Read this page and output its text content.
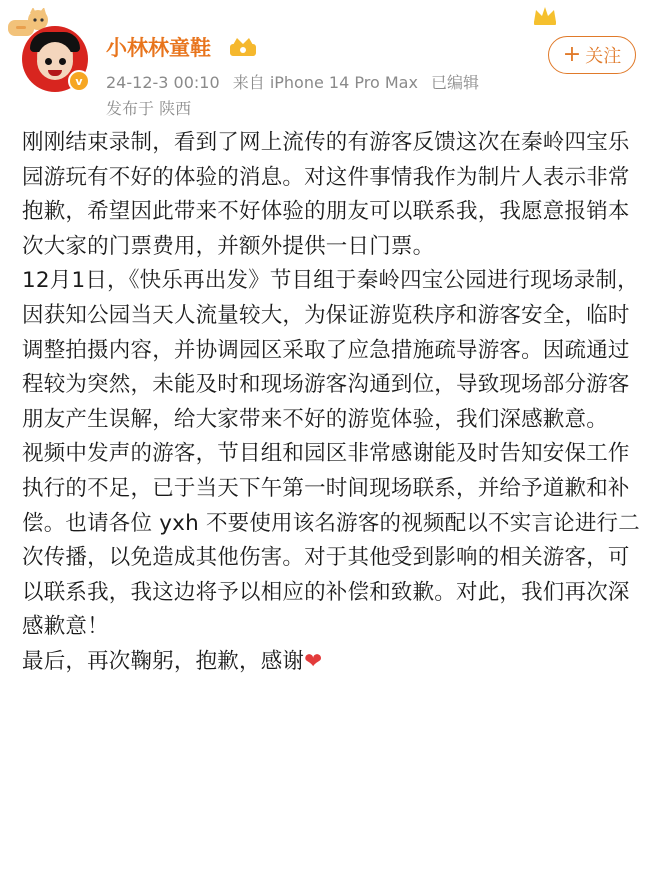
v
小林林童鞋
24-12-3 00:10 来自 iPhone 14 Pro Max 已编辑
发布于 陕西
+ 关注

刚刚结束录制，看到了网上流传的有游客反馈这次在秦岭四宝乐园游玩有不好的体验的消息。对这件事情我作为制片人表示非常抱歉，希望因此带来不好体验的朋友可以联系我，我愿意报销本次大家的门票费用，并额外提供一日门票。

12月1日，《快乐再出发》节目组于秦岭四宝公园进行现场录制，因获知公园当天人流量较大，为保证游览秩序和游客安全，临时调整拍摄内容，并协调园区采取了应急措施疏导游客。因疏通过程较为突然，未能及时和现场游客沟通到位，导致现场部分游客朋友产生误解，给大家带来不好的游览体验，我们深感歉意。

视频中发声的游客，节目组和园区非常感谢能及时告知安保工作执行的不足，已于当天下午第一时间现场联系，并给予道歉和补偿。也请各位 yxh 不要使用该名游客的视频配以不实言论进行二次传播，以免造成其他伤害。对于其他受到影响的相关游客，可以联系我，我这边将予以相应的补偿和致歉。对此，我们再次深感歉意！

最后，再次鞠躬，抱歉，感谢❤
